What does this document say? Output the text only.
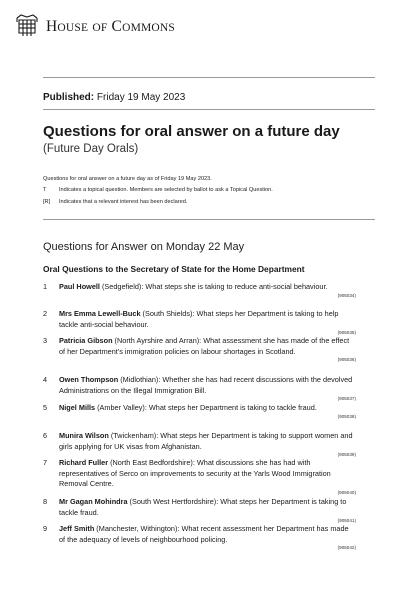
HOUSE OF COMMONS
Published: Friday 19 May 2023
Questions for oral answer on a future day
(Future Day Orals)
Questions for oral answer on a future day as of Friday 19 May 2023.
T	Indicates a topical question. Members are selected by ballot to ask a Topical Question.
[R]	Indicates that a relevant interest has been declared.
Questions for Answer on Monday 22 May
Oral Questions to the Secretary of State for the Home Department
1 Paul Howell (Sedgefield): What steps she is taking to reduce anti-social behaviour.
(905034)
2 Mrs Emma Lewell-Buck (South Shields): What steps her Department is taking to help tackle anti-social behaviour.
(905035)
3 Patricia Gibson (North Ayrshire and Arran): What assessment she has made of the effect of her Department's immigration policies on labour shortages in Scotland.
(905036)
4 Owen Thompson (Midlothian): Whether she has had recent discussions with the devolved Administrations on the Illegal Immigration Bill.
(905037)
5 Nigel Mills (Amber Valley): What steps her Department is taking to tackle fraud.
(905038)
6 Munira Wilson (Twickenham): What steps her Department is taking to support women and girls applying for UK visas from Afghanistan.
(905039)
7 Richard Fuller (North East Bedfordshire): What discussions she has had with representatives of Serco on improvements to security at the Yarls Wood Immigration Removal Centre.
(905040)
8 Mr Gagan Mohindra (South West Hertfordshire): What steps her Department is taking to tackle fraud.
(905041)
9 Jeff Smith (Manchester, Withington): What recent assessment her Department has made of the adequacy of levels of neighbourhood policing.
(905042)
